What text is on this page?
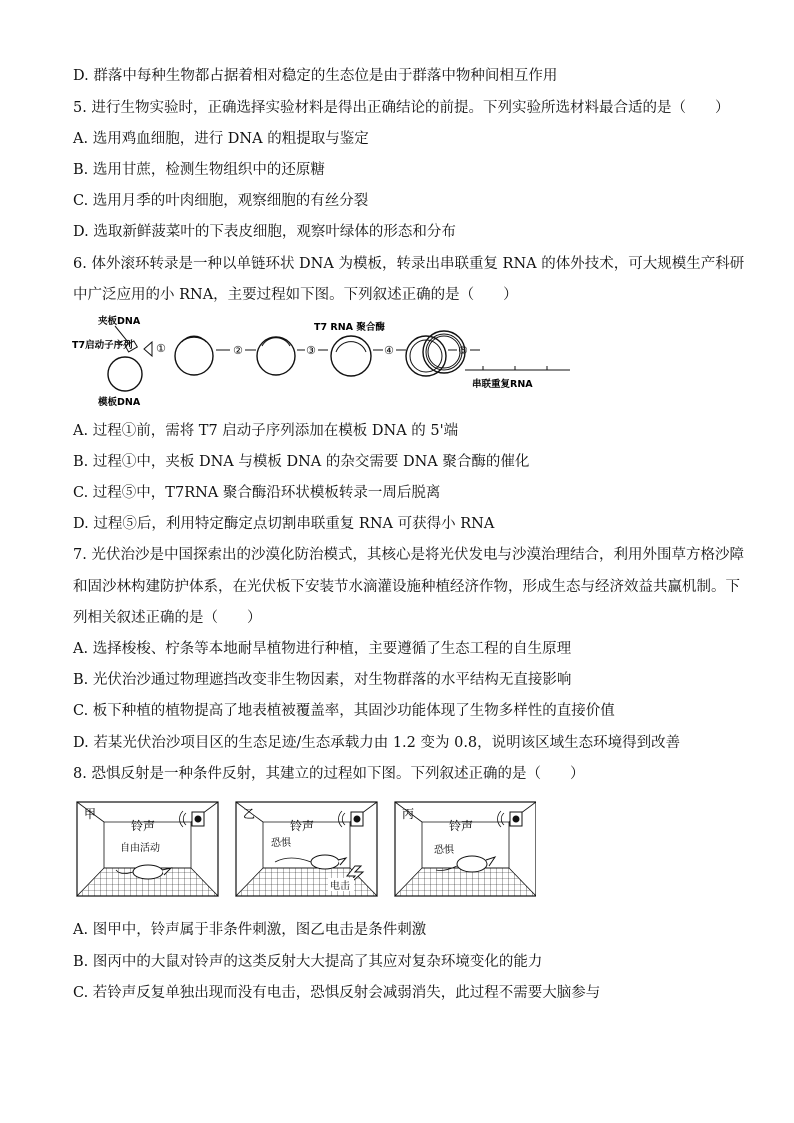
D. 群落中每种生物都占据着相对稳定的生态位是由于群落中物种间相互作用
5. 进行生物实验时，正确选择实验材料是得出正确结论的前提。下列实验所选材料最合适的是（　　）
A. 选用鸡血细胞，进行 DNA 的粗提取与鉴定
B. 选用甘蔗，检测生物组织中的还原糖
C. 选用月季的叶肉细胞，观察细胞的有丝分裂
D. 选取新鲜菠菜叶的下表皮细胞，观察叶绿体的形态和分布
6. 体外滚环转录是一种以单链环状 DNA 为模板，转录出串联重复 RNA 的体外技术，可大规模生产科研
中广泛应用的小 RNA，主要过程如下图。下列叙述正确的是（　　）
夹板DNA
T7启动子序列
模板DNA
①	②	③
T7 RNA 聚合酶
④	⑤
串联重复RNA
A. 过程①前，需将 T7 启动子序列添加在模板 DNA 的 5'端
B. 过程①中，夹板 DNA 与模板 DNA 的杂交需要 DNA 聚合酶的催化
C. 过程⑤中，T7RNA 聚合酶沿环状模板转录一周后脱离
D. 过程⑤后，利用特定酶定点切割串联重复 RNA 可获得小 RNA
7. 光伏治沙是中国探索出的沙漠化防治模式，其核心是将光伏发电与沙漠治理结合，利用外围草方格沙障
和固沙林构建防护体系，在光伏板下安装节水滴灌设施种植经济作物，形成生态与经济效益共赢机制。下
列相关叙述正确的是（　　）
A. 选择梭梭、柠条等本地耐旱植物进行种植，主要遵循了生态工程的自生原理
B. 光伏治沙通过物理遮挡改变非生物因素，对生物群落的水平结构无直接影响
C. 板下种植的植物提高了地表植被覆盖率，其固沙功能体现了生物多样性的直接价值
D. 若某光伏治沙项目区的生态足迹/生态承载力由 1.2 变为 0.8，说明该区域生态环境得到改善
8. 恐惧反射是一种条件反射，其建立的过程如下图。下列叙述正确的是（　　）
甲
铃声
自由活动
乙
铃声
恐惧
电击
丙
铃声
恐惧
A. 图甲中，铃声属于非条件刺激，图乙电击是条件刺激
B. 图丙中的大鼠对铃声的这类反射大大提高了其应对复杂环境变化的能力
C. 若铃声反复单独出现而没有电击，恐惧反射会减弱消失，此过程不需要大脑参与
